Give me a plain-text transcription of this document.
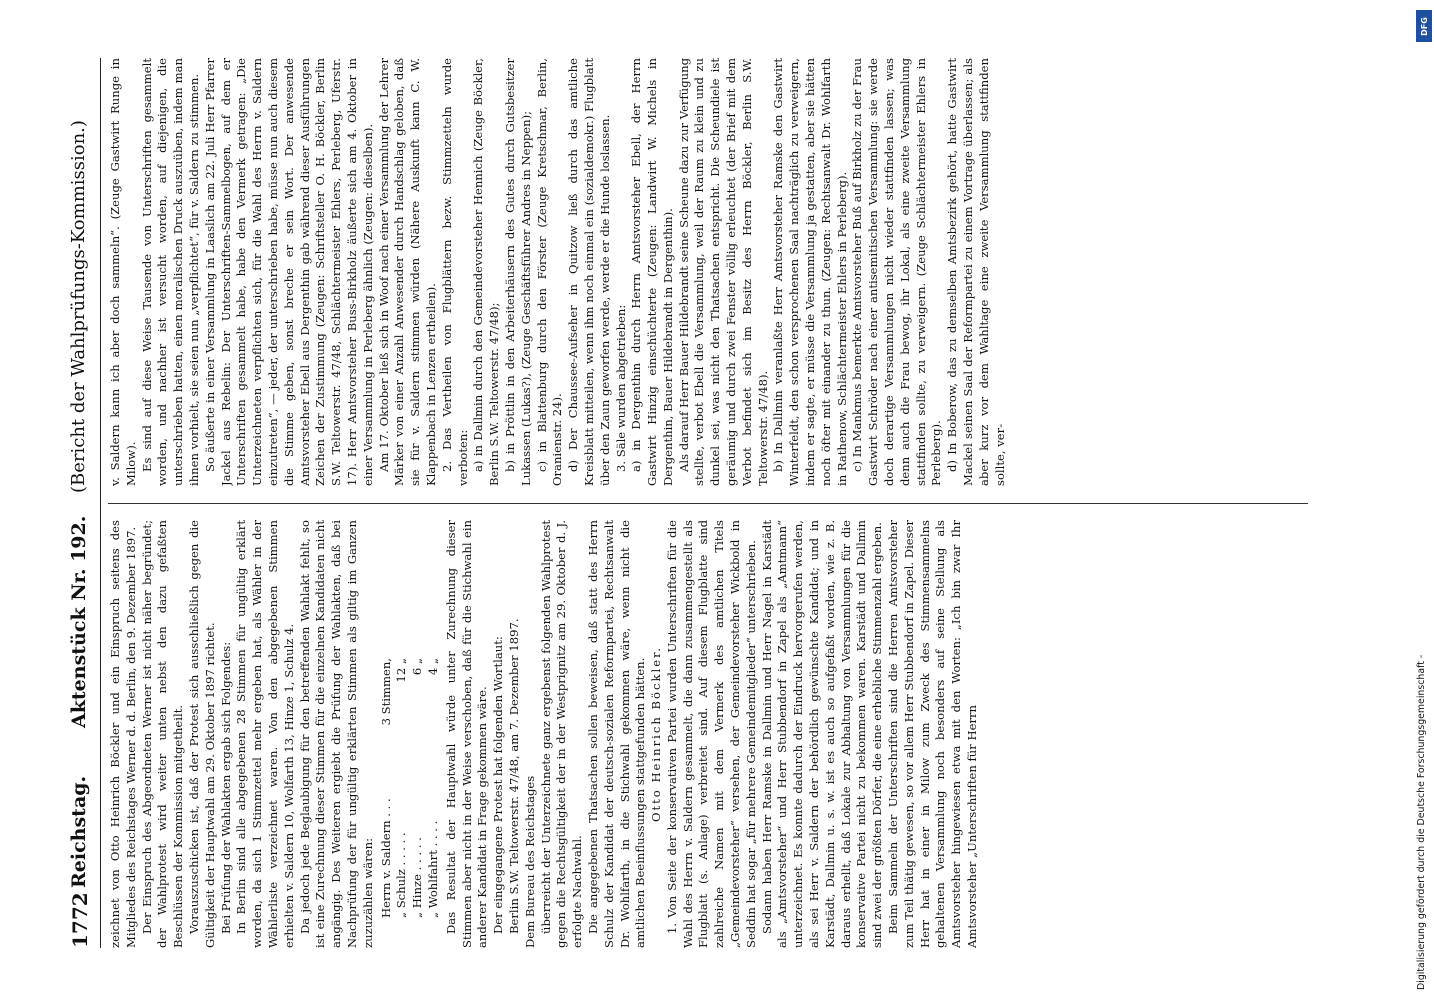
1772
Reichstag.
Aktenstück Nr. 192.
(Bericht der Wahlprüfungs-Kommission.)

zeichnet von Otto Heinrich Böckler und ein Einspruch seitens des Mitgliedes des Reichstages Werner d. d. Berlin, den 9. Dezember 1897. Der Einspruch des Abgeordneten Werner ist nicht näher begründet; der Wahlprotest wird weiter unten nebst den dazu gefaßten Beschlüssen der Kommission mitgetheilt. Vorauszuschicken ist, daß der Protest sich ausschließlich gegen die Gültigkeit der Hauptwahl am 29. Oktober 1897 richtet. Bei Prüfung der Wahlakten ergab sich Folgendes: In Berlin sind alle abgegebenen 28 Stimmen für ungültig erklärt worden, da sich 1 Stimmzettel mehr ergeben hat, als Wähler in der Wählerliste verzeichnet waren. Von den abgegebenen Stimmen erhielten v. Saldern 10, Wolfarth 13, Hinze 1, Schulz 4. Da jedoch jede Beglaubigung für den betreffenden Wahlakt fehlt, so ist eine Zurechnung dieser Stimmen für die einzelnen Kandidaten nicht angängig. Des Weiteren ergiebt die Prüfung der Wahlakten, daß bei Nachprüfung der für ungültig erklärten Stimmen als giltig im Ganzen zuzuzählen wären: Herrn v. Saldern . . .
3 Stimmen,
„ Schulz . . . . .
12 „
„ Hinze . . . . .
6 „
„ Wohlfahrt . . . .
4 „ Das Resultat der Hauptwahl würde unter Zurechnung dieser Stimmen aber nicht in der Weise verschoben, daß für die Stichwahl ein anderer Kandidat in Frage gekommen wäre. Der eingegangene Protest hat folgenden Wortlaut: Berlin S.W. Teltowerstr. 47/48, am 7. Dezember 1897. Dem Bureau des Reichstages überreicht der Unterzeichnete ganz ergebenst folgenden Wahlprotest gegen die Rechtsgültigkeit der in der Westprignitz am 29. Oktober d. J. erfolgte Nachwahl. Die angegebenen Thatsachen sollen beweisen, daß statt des Herrn Schulz der Kandidat der deutsch-sozialen Reformpartei, Rechtsanwalt Dr. Wohlfarth, in die Stichwahl gekommen wäre, wenn nicht die amtlichen Beeinflussungen stattgefunden hätten. Otto Heinrich Böckler. 1. Von Seite der konservativen Partei wurden Unterschriften für die Wahl des Herrn v. Saldern gesammelt, die dann zusammengestellt als Flugblatt (s. Anlage) verbreitet sind. Auf diesem Flugblatte sind zahlreiche Namen mit dem Vermerk des amtlichen Titels „Gemeindevorsteher“ versehen, der Gemeindevorsteher Wickbold in Seddin hat sogar „für mehrere Gemeindemitglieder“ unterschrieben. Sodann haben Herr Ramske in Dallmin und Herr Nagel in Karstädt als „Amtsvorsteher“ und Herr Stubbendorf in Zapel als „Amtmann“ unterzeichnet. Es konnte dadurch der Eindruck hervorgerufen werden, als sei Herr v. Saldern der behördlich gewünschte Kandidat; und in Karstädt, Dallmin u. s. w. ist es auch so aufgefaßt worden, wie z. B. daraus erhellt, daß Lokale zur Abhaltung von Versammlungen für die konservative Partei nicht zu bekommen waren. Karstädt und Dallmin sind zwei der größten Dörfer, die eine erhebliche Stimmenzahl ergeben. Beim Sammeln der Unterschriften sind die Herren Amtsvorsteher zum Teil thätig gewesen, so vor allem Herr Stubbendorf in Zapel. Dieser Herr hat in einer in Milow zum Zweck des Stimmensammelns gehaltenen Versammlung noch besonders auf seine Stellung als Amtsvorsteher hingewiesen etwa mit den Worten: „Ich bin zwar Ihr Amtsvorsteher „Unterschriften für Herrn

v. Saldern kann ich aber doch sammeln“. (Zeuge Gastwirt Runge in Milow). Es sind auf diese Weise Tausende von Unterschriften gesammelt worden, und nachher ist versucht worden, auf diejenigen, die unterschrieben hatten, einen moralischen Druck auszuüben, indem man ihnen vorhielt, sie seien nun „verpflichtet“, für v. Saldern zu stimmen. So äußerte in einer Versammlung in Laaslich am 22. Juli Herr Pfarrer Jackel aus Rebelin: Der Unterschriften-Sammelbogen, auf dem er Unterschriften gesammelt habe, habe den Vermerk getragen: „Die Unterzeichneten verpflichten sich, für die Wahl des Herrn v. Saldern einzutreten“, — jeder, der unterschrieben habe, müsse nun auch diesem die Stimme geben, sonst breche er sein Wort. Der anwesende Amtsvorsteher Ebell aus Dergenthin gab während dieser Ausführungen Zeichen der Zustimmung (Zeugen: Schriftsteller O. H. Böckler, Berlin S.W. Teltowerstr. 47/48, Schlächtermeister Ehlers, Perleberg, Uferstr. 17). Herr Amtsvorsteher Buss-Birkholz äußerte sich am 4. Oktober in einer Versammlung in Perleberg ähnlich (Zeugen: dieselben). Am 17. Oktober ließ sich in Woof nach einer Versammlung der Lehrer Märker von einer Anzahl Anwesender durch Handschlag geloben, daß sie für v. Saldern stimmen würden (Nähere Auskunft kann C. W. Klappenbach in Lenzen ertheilen). 2. Das Vertheilen von Flugblättern bezw. Stimmzetteln wurde verboten: a) in Dallmin durch den Gemeindevorsteher Hennich (Zeuge Böckler, Berlin S.W. Teltowerstr. 47/48); b) in Pröttlin in den Arbeiterhäusern des Gutes durch Gutsbesitzer Lukassen (Lukas?), (Zeuge Geschäftsführer Andres in Neppen); c) in Blattenburg durch den Förster (Zeuge Kretschmar, Berlin, Oranienstr. 24). d) Der Chaussee-Aufseher in Quitzow ließ durch das amtliche Kreisblatt mitteilen, wenn ihm noch einmal ein (sozialdemokr.) Flugblatt über den Zaun geworfen werde, werde er die Hunde loslassen. 3. Säle wurden abgetrieben: a) in Dergenthin durch Herrn Amtsvorsteher Ebell, der Herrn Gastwirt Hinzig einschüchterte (Zeugen: Landwirt W. Michels in Dergenthin, Bauer Hildebrandt in Dergenthin). Als darauf Herr Bauer Hildebrandt seine Scheune dazu zur Verfügung stellte, verbot Ebell die Versammlung, weil der Raum zu klein und zu dunkel sei, was nicht den Thatsachen entspricht. Die Scheundiele ist geräumig und durch zwei Fenster völlig erleuchtet (der Brief mit dem Verbot befindet sich im Besitz des Herrn Böckler, Berlin S.W. Teltowerstr. 47/48). b) In Dallmin veranlaßte Herr Amtsvorsteher Ramske den Gastwirt Winterfeldt, den schon versprochenen Saal nachträglich zu verweigern, indem er sagte, er müsse die Versammlung ja gestatten, aber sie hätten noch öfter mit einander zu thun. (Zeugen: Rechtsanwalt Dr. Wohlfarth in Rathenow, Schlächtermeister Ehlers in Perleberg). c) In Mankmus bemerkte Amtsvorsteher Buß auf Birkholz zu der Frau Gastwirt Schröder nach einer antisemitischen Versammlung: sie werde doch derartige Versammlungen nicht wieder stattfinden lassen; was denn auch die Frau bewog, ihr Lokal, als eine zweite Versammlung stattfinden sollte, zu verweigern. (Zeuge Schlächtermeister Ehlers in Perleberg). d) In Boberow, das zu demselben Amtsbezirk gehört, hatte Gastwirt Mackel seinen Saal der Reformpartei zu einem Vortrage überlassen; als aber kurz vor dem Wahltage eine zweite Versammlung stattfinden sollte, ver-

DFG
Digitalisierung gefördert durch die Deutsche Forschungsgemeinschaft -
